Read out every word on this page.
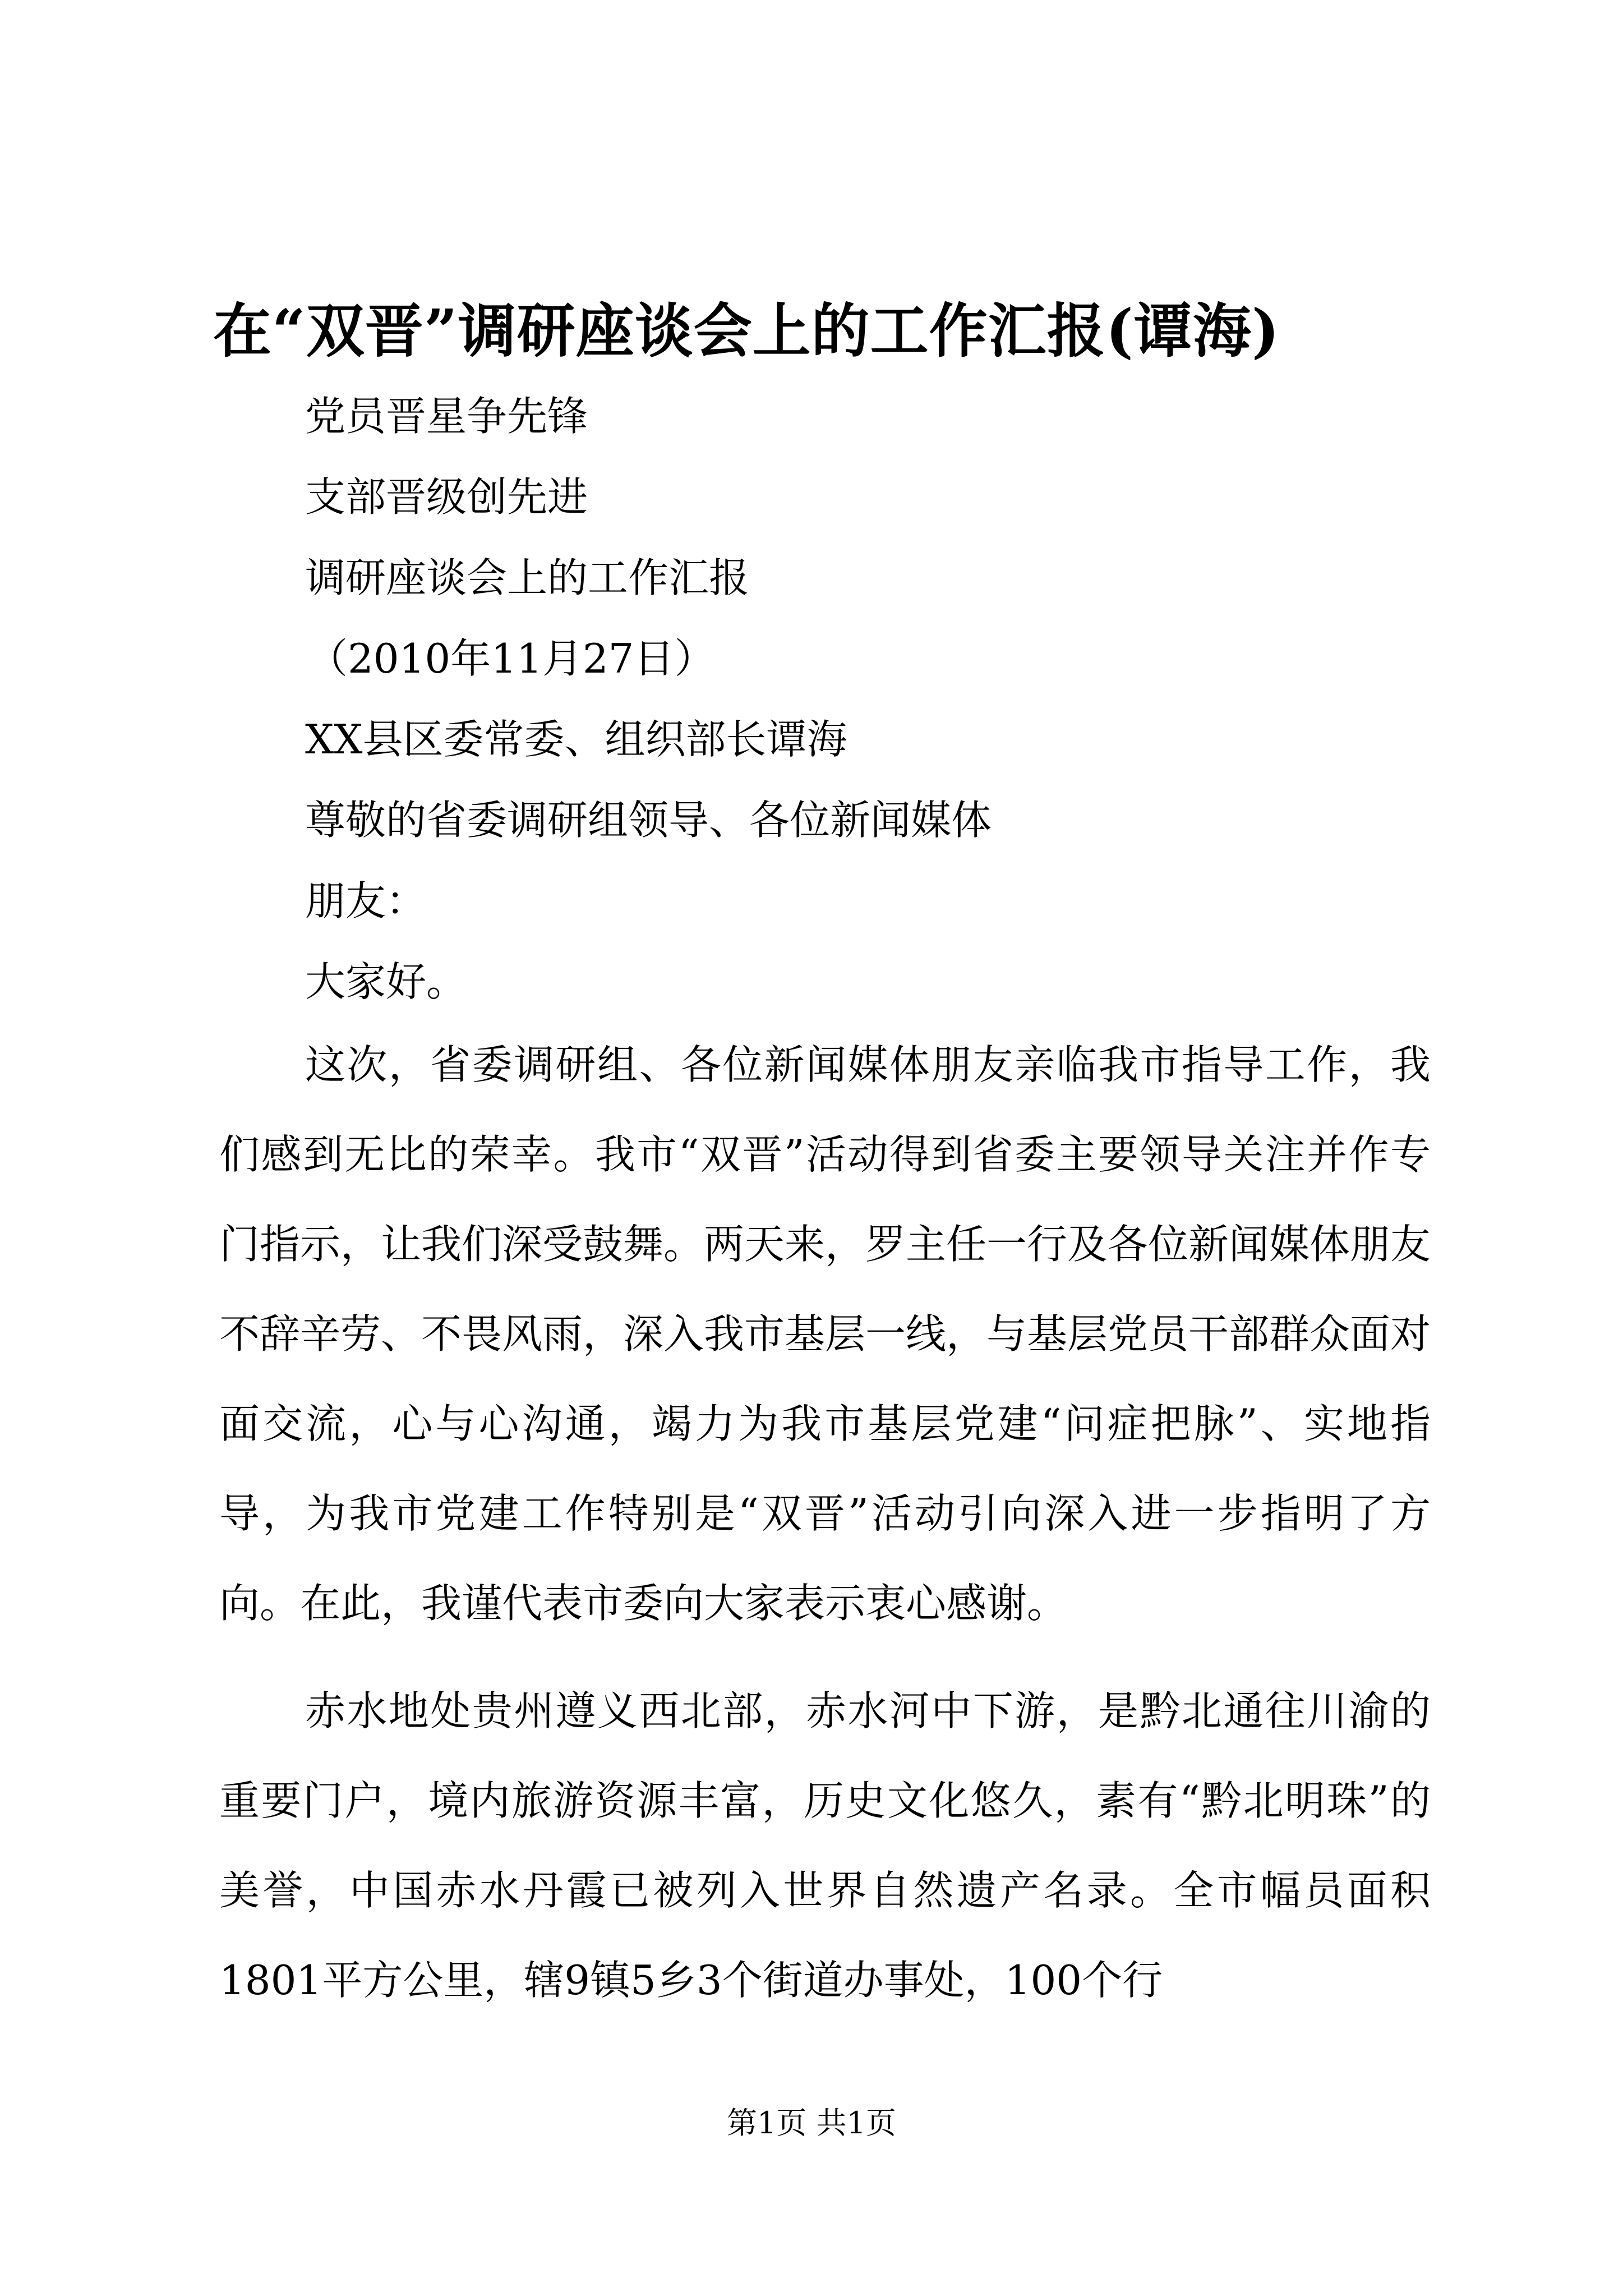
在“双晋”调研座谈会上的工作汇报(谭海)
党员晋星争先锋
支部晋级创先进
调研座谈会上的工作汇报
（2010年11月27日）
XX县区委常委、组织部长谭海
尊敬的省委调研组领导、各位新闻媒体
朋友：
大家好。
这次，省委调研组、各位新闻媒体朋友亲临我市指导工作，我们感到无比的荣幸。我市“双晋”活动得到省委主要领导关注并作专门指示，让我们深受鼓舞。两天来，罗主任一行及各位新闻媒体朋友不辞辛劳、不畏风雨，深入我市基层一线，与基层党员干部群众面对面交流，心与心沟通，竭力为我市基层党建“问症把脉”、实地指导，为我市党建工作特别是“双晋”活动引向深入进一步指明了方向。在此，我谨代表市委向大家表示衷心感谢。
赤水地处贵州遵义西北部，赤水河中下游，是黔北通往川渝的重要门户，境内旅游资源丰富，历史文化悠久，素有“黔北明珠”的美誉，中国赤水丹霞已被列入世界自然遗产名录。全市幅员面积1801平方公里，辖9镇5乡3个街道办事处，100个行
第1页 共1页
